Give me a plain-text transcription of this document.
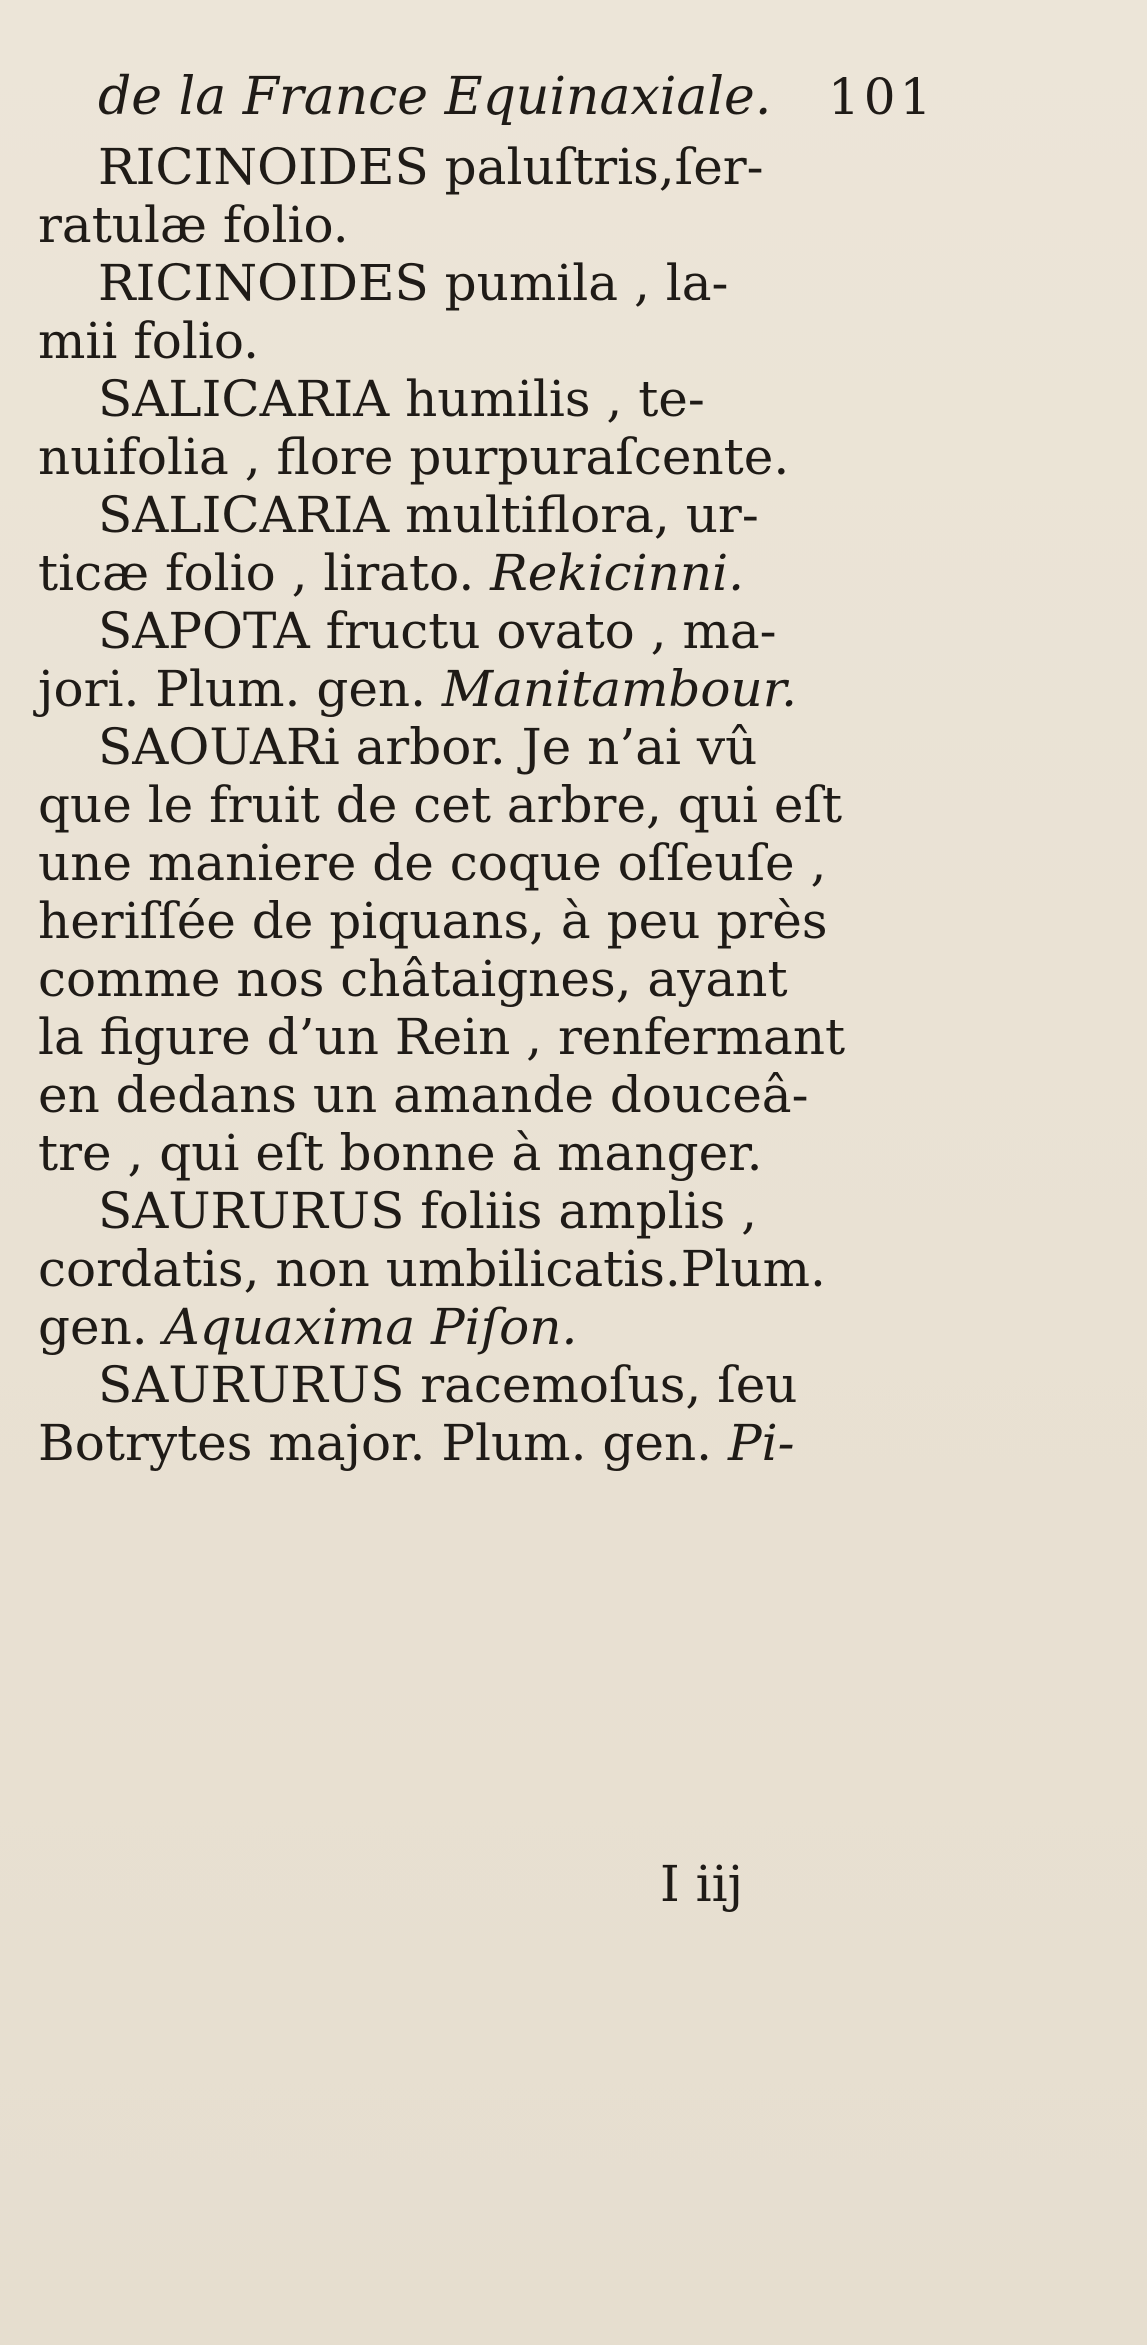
de la France Equinaxiale. 101
RICINOIDES paluſtris,ſer-
ratulæ folio.
RICINOIDES pumila , la-
mii folio.
SALICARIA humilis , te-
nuifolia , flore purpuraſcente.
SALICARIA multiflora, ur-
ticæ folio , lirato. Rekicinni.
SAPOTA fructu ovato , ma-
jori. Plum. gen. Manitambour.
SAOUARi arbor. Je n’ai vû
que le fruit de cet arbre, qui eſt
une maniere de coque oſſeuſe ,
heriſſée de piquans, à peu près
comme nos châtaignes, ayant
la figure d’un Rein , renfermant
en dedans un amande douceâ-
tre , qui eſt bonne à manger.
SAURURUS foliis amplis ,
cordatis, non umbilicatis.Plum.
gen. Aquaxima Piſon.
SAURURUS racemoſus, ſeu
Botrytes major. Plum. gen. Pi-
I iij
